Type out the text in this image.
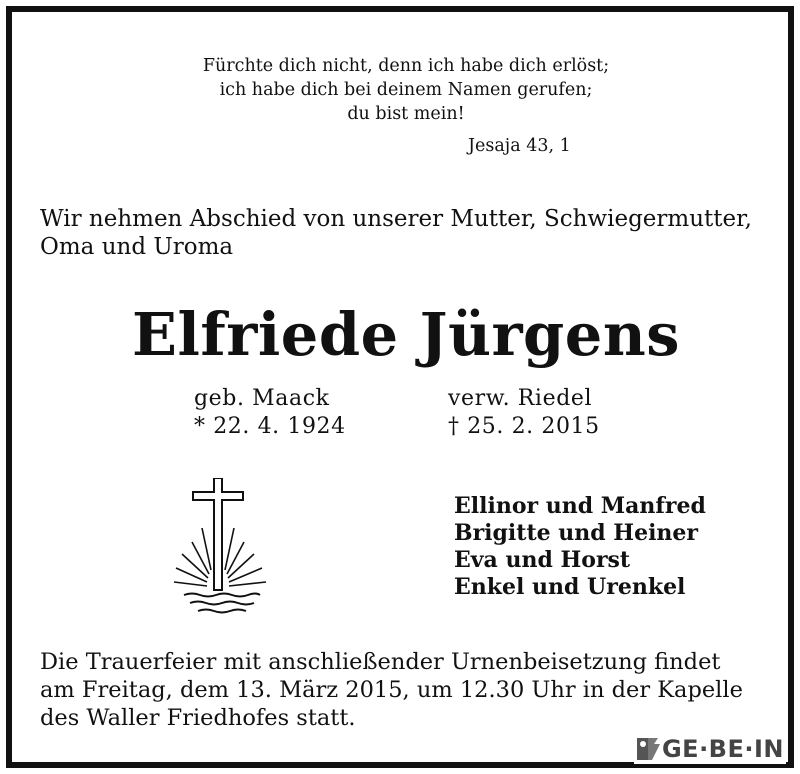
Fürchte dich nicht, denn ich habe dich erlöst;
ich habe dich bei deinem Namen gerufen;
du bist mein!
Jesaja 43, 1
Wir nehmen Abschied von unserer Mutter, Schwiegermutter,
Oma und Uroma
Elfriede Jürgens
geb. Maack	verw. Riedel
* 22. 4. 1924	† 25. 2. 2015
Ellinor und Manfred
Brigitte und Heiner
Eva und Horst
Enkel und Urenkel
Die Trauerfeier mit anschließender Urnenbeisetzung findet
am Freitag, dem 13. März 2015, um 12.30 Uhr in der Kapelle
des Waller Friedhofes statt.
GE·BE·IN
